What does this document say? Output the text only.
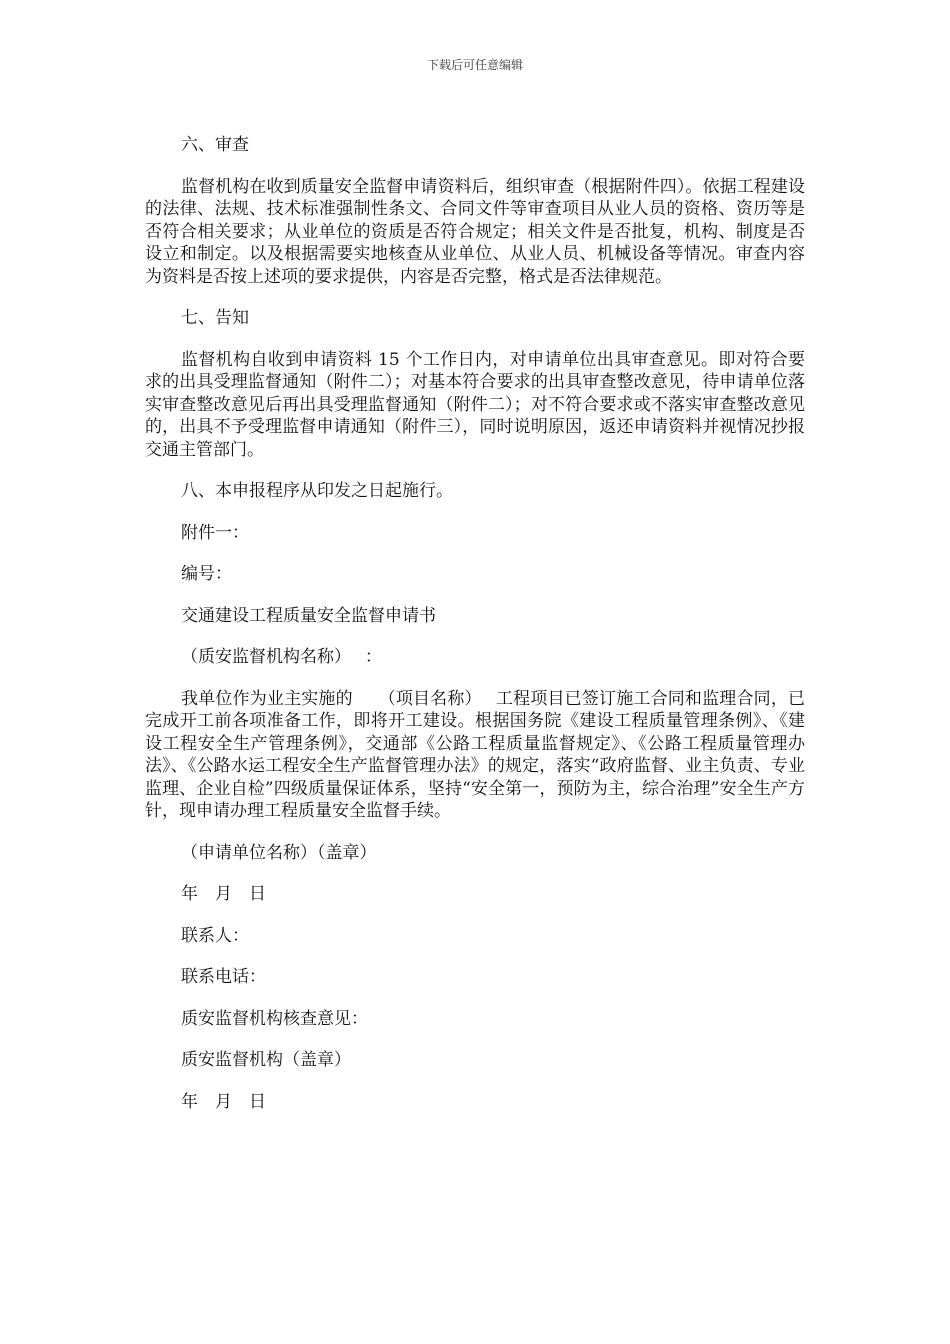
下载后可任意编辑

六、审查

监督机构在收到质量安全监督申请资料后，组织审查（根据附件四）。依据工程建设的法律、法规、技术标准强制性条文、合同文件等审查项目从业人员的资格、资历等是否符合相关要求；从业单位的资质是否符合规定；相关文件是否批复，机构、制度是否设立和制定。以及根据需要实地核查从业单位、从业人员、机械设备等情况。审查内容为资料是否按上述项的要求提供，内容是否完整，格式是否法律规范。

七、告知

监督机构自收到申请资料 15 个工作日内，对申请单位出具审查意见。即对符合要求的出具受理监督通知（附件二）；对基本符合要求的出具审查整改意见，待申请单位落实审查整改意见后再出具受理监督通知（附件二）；对不符合要求或不落实审查整改意见的，出具不予受理监督申请通知（附件三），同时说明原因，返还申请资料并视情况抄报交通主管部门。

八、本申报程序从印发之日起施行。

附件一：

编号：

交通建设工程质量安全监督申请书

（质安监督机构名称）　 ：

我单位作为业主实施的　　（项目名称）　 工程项目已签订施工合同和监理合同，已完成开工前各项准备工作，即将开工建设。根据国务院《建设工程质量管理条例》、《建设工程安全生产管理条例》，交通部《公路工程质量监督规定》、《公路工程质量管理办法》、《公路水运工程安全生产监督管理办法》的规定，落实“政府监督、业主负责、专业监理、企业自检”四级质量保证体系，坚持“安全第一，预防为主，综合治理”安全生产方针，现申请办理工程质量安全监督手续。

（申请单位名称）（盖章）

年　月　日

联系人：

联系电话：

质安监督机构核查意见：

质安监督机构（盖章）

年　月　日
